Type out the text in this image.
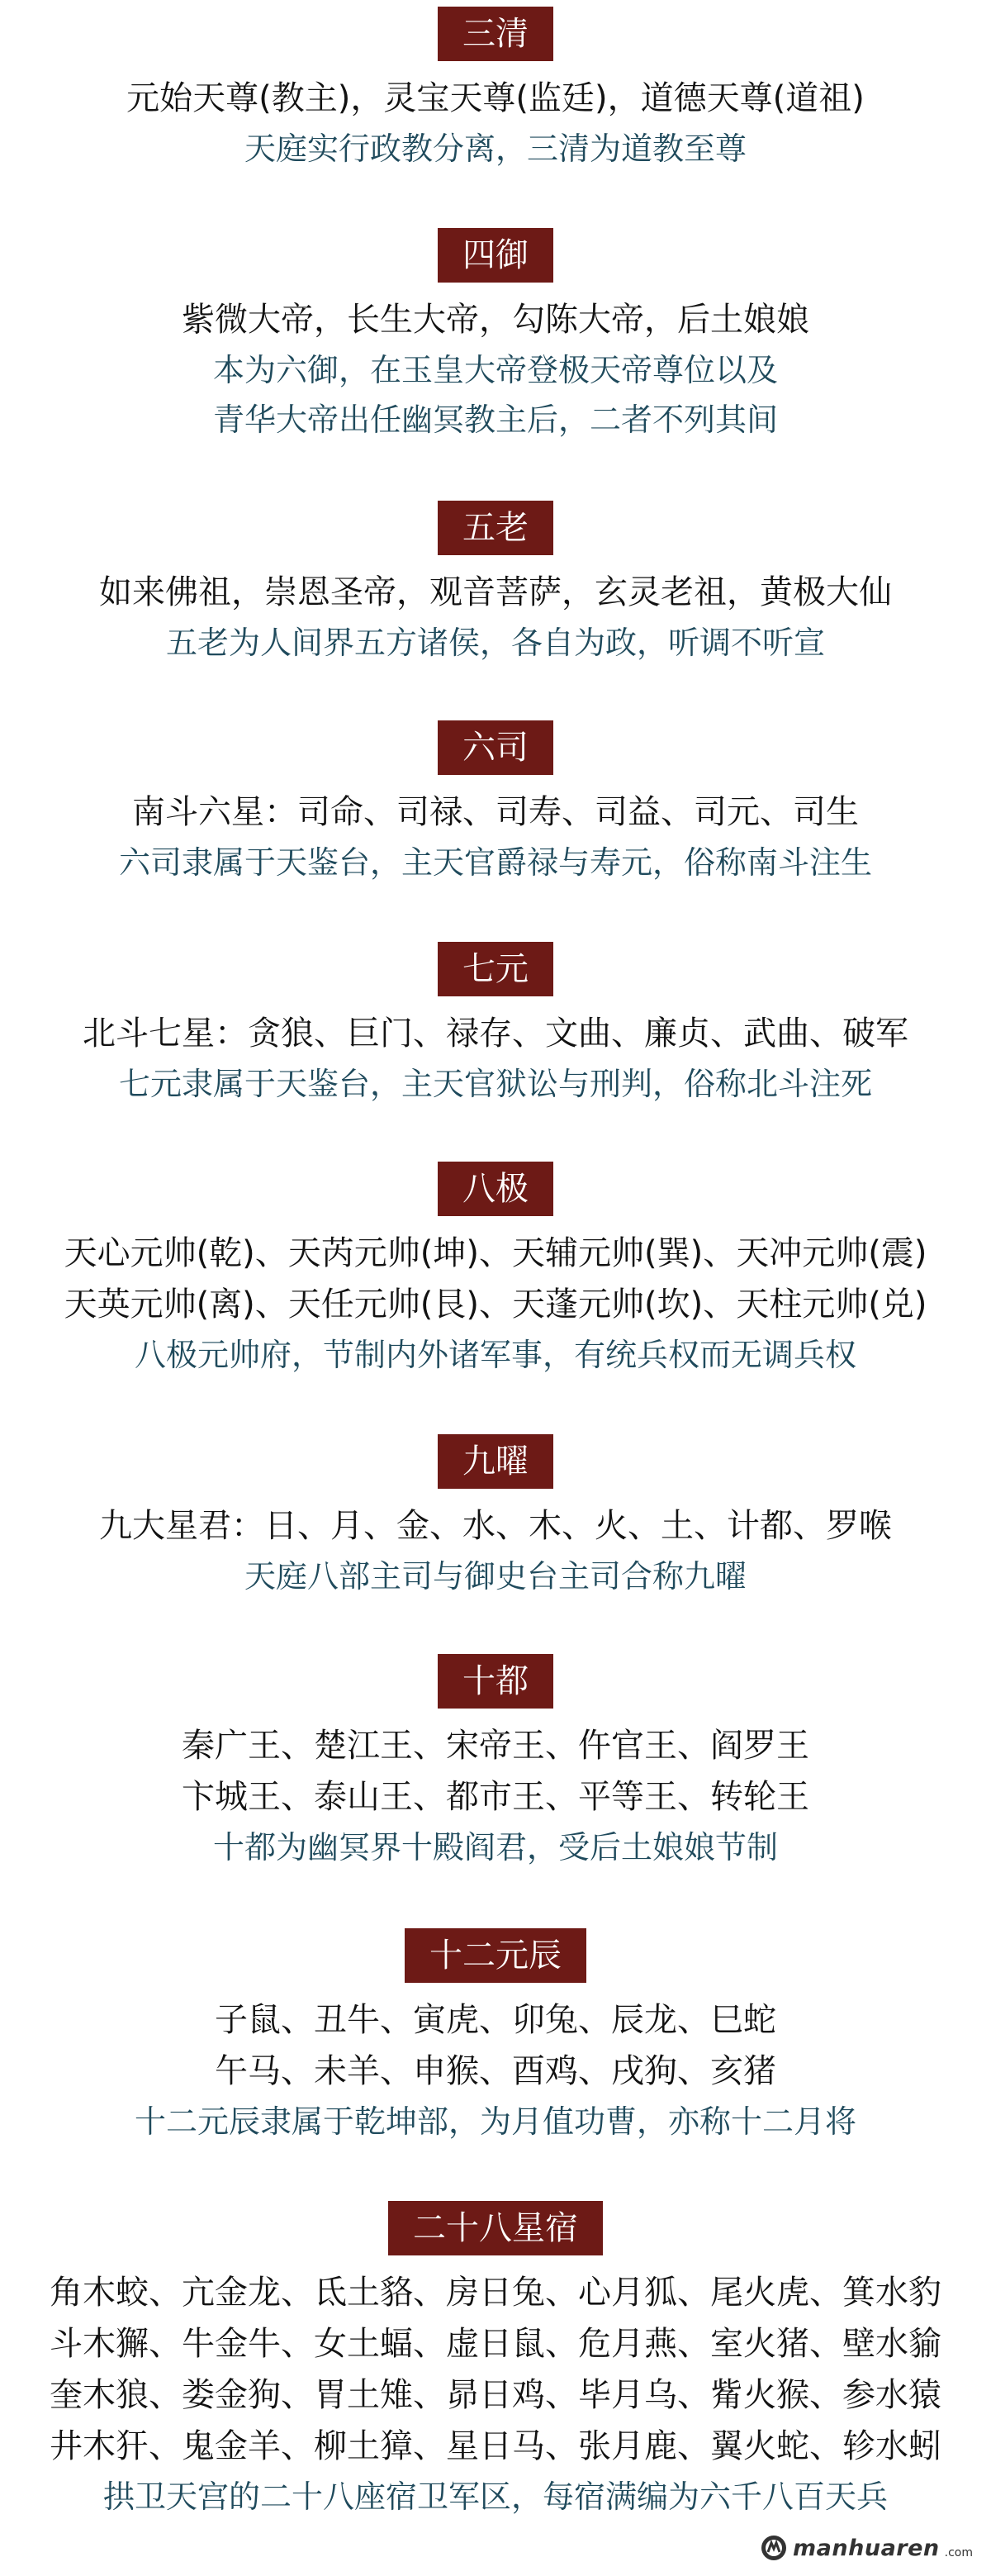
三清
元始天尊(教主)，灵宝天尊(监廷)，道德天尊(道祖)
天庭实行政教分离，三清为道教至尊
四御
紫微大帝，长生大帝，勾陈大帝，后土娘娘
本为六御，在玉皇大帝登极天帝尊位以及
青华大帝出任幽冥教主后，二者不列其间
五老
如来佛祖，崇恩圣帝，观音菩萨，玄灵老祖，黄极大仙
五老为人间界五方诸侯，各自为政，听调不听宣
六司
南斗六星：司命、司禄、司寿、司益、司元、司生
六司隶属于天鉴台，主天官爵禄与寿元，俗称南斗注生
七元
北斗七星：贪狼、巨门、禄存、文曲、廉贞、武曲、破军
七元隶属于天鉴台，主天官狱讼与刑判，俗称北斗注死
八极
天心元帅(乾)、天芮元帅(坤)、天辅元帅(巽)、天冲元帅(震)
天英元帅(离)、天任元帅(艮)、天蓬元帅(坎)、天柱元帅(兑)
八极元帅府，节制内外诸军事，有统兵权而无调兵权
九曜
九大星君：日、月、金、水、木、火、土、计都、罗喉
天庭八部主司与御史台主司合称九曜
十都
秦广王、楚江王、宋帝王、仵官王、阎罗王
卞城王、泰山王、都市王、平等王、转轮王
十都为幽冥界十殿阎君，受后土娘娘节制
十二元辰
子鼠、丑牛、寅虎、卯兔、辰龙、巳蛇
午马、未羊、申猴、酉鸡、戌狗、亥猪
十二元辰隶属于乾坤部，为月值功曹，亦称十二月将
二十八星宿
角木蛟、亢金龙、氐土貉、房日兔、心月狐、尾火虎、箕水豹
斗木獬、牛金牛、女土蝠、虚日鼠、危月燕、室火猪、壁水貐
奎木狼、娄金狗、胃土雉、昴日鸡、毕月乌、觜火猴、参水猿
井木犴、鬼金羊、柳土獐、星日马、张月鹿、翼火蛇、轸水蚓
拱卫天宫的二十八座宿卫军区，每宿满编为六千八百天兵
manhuaren .com
